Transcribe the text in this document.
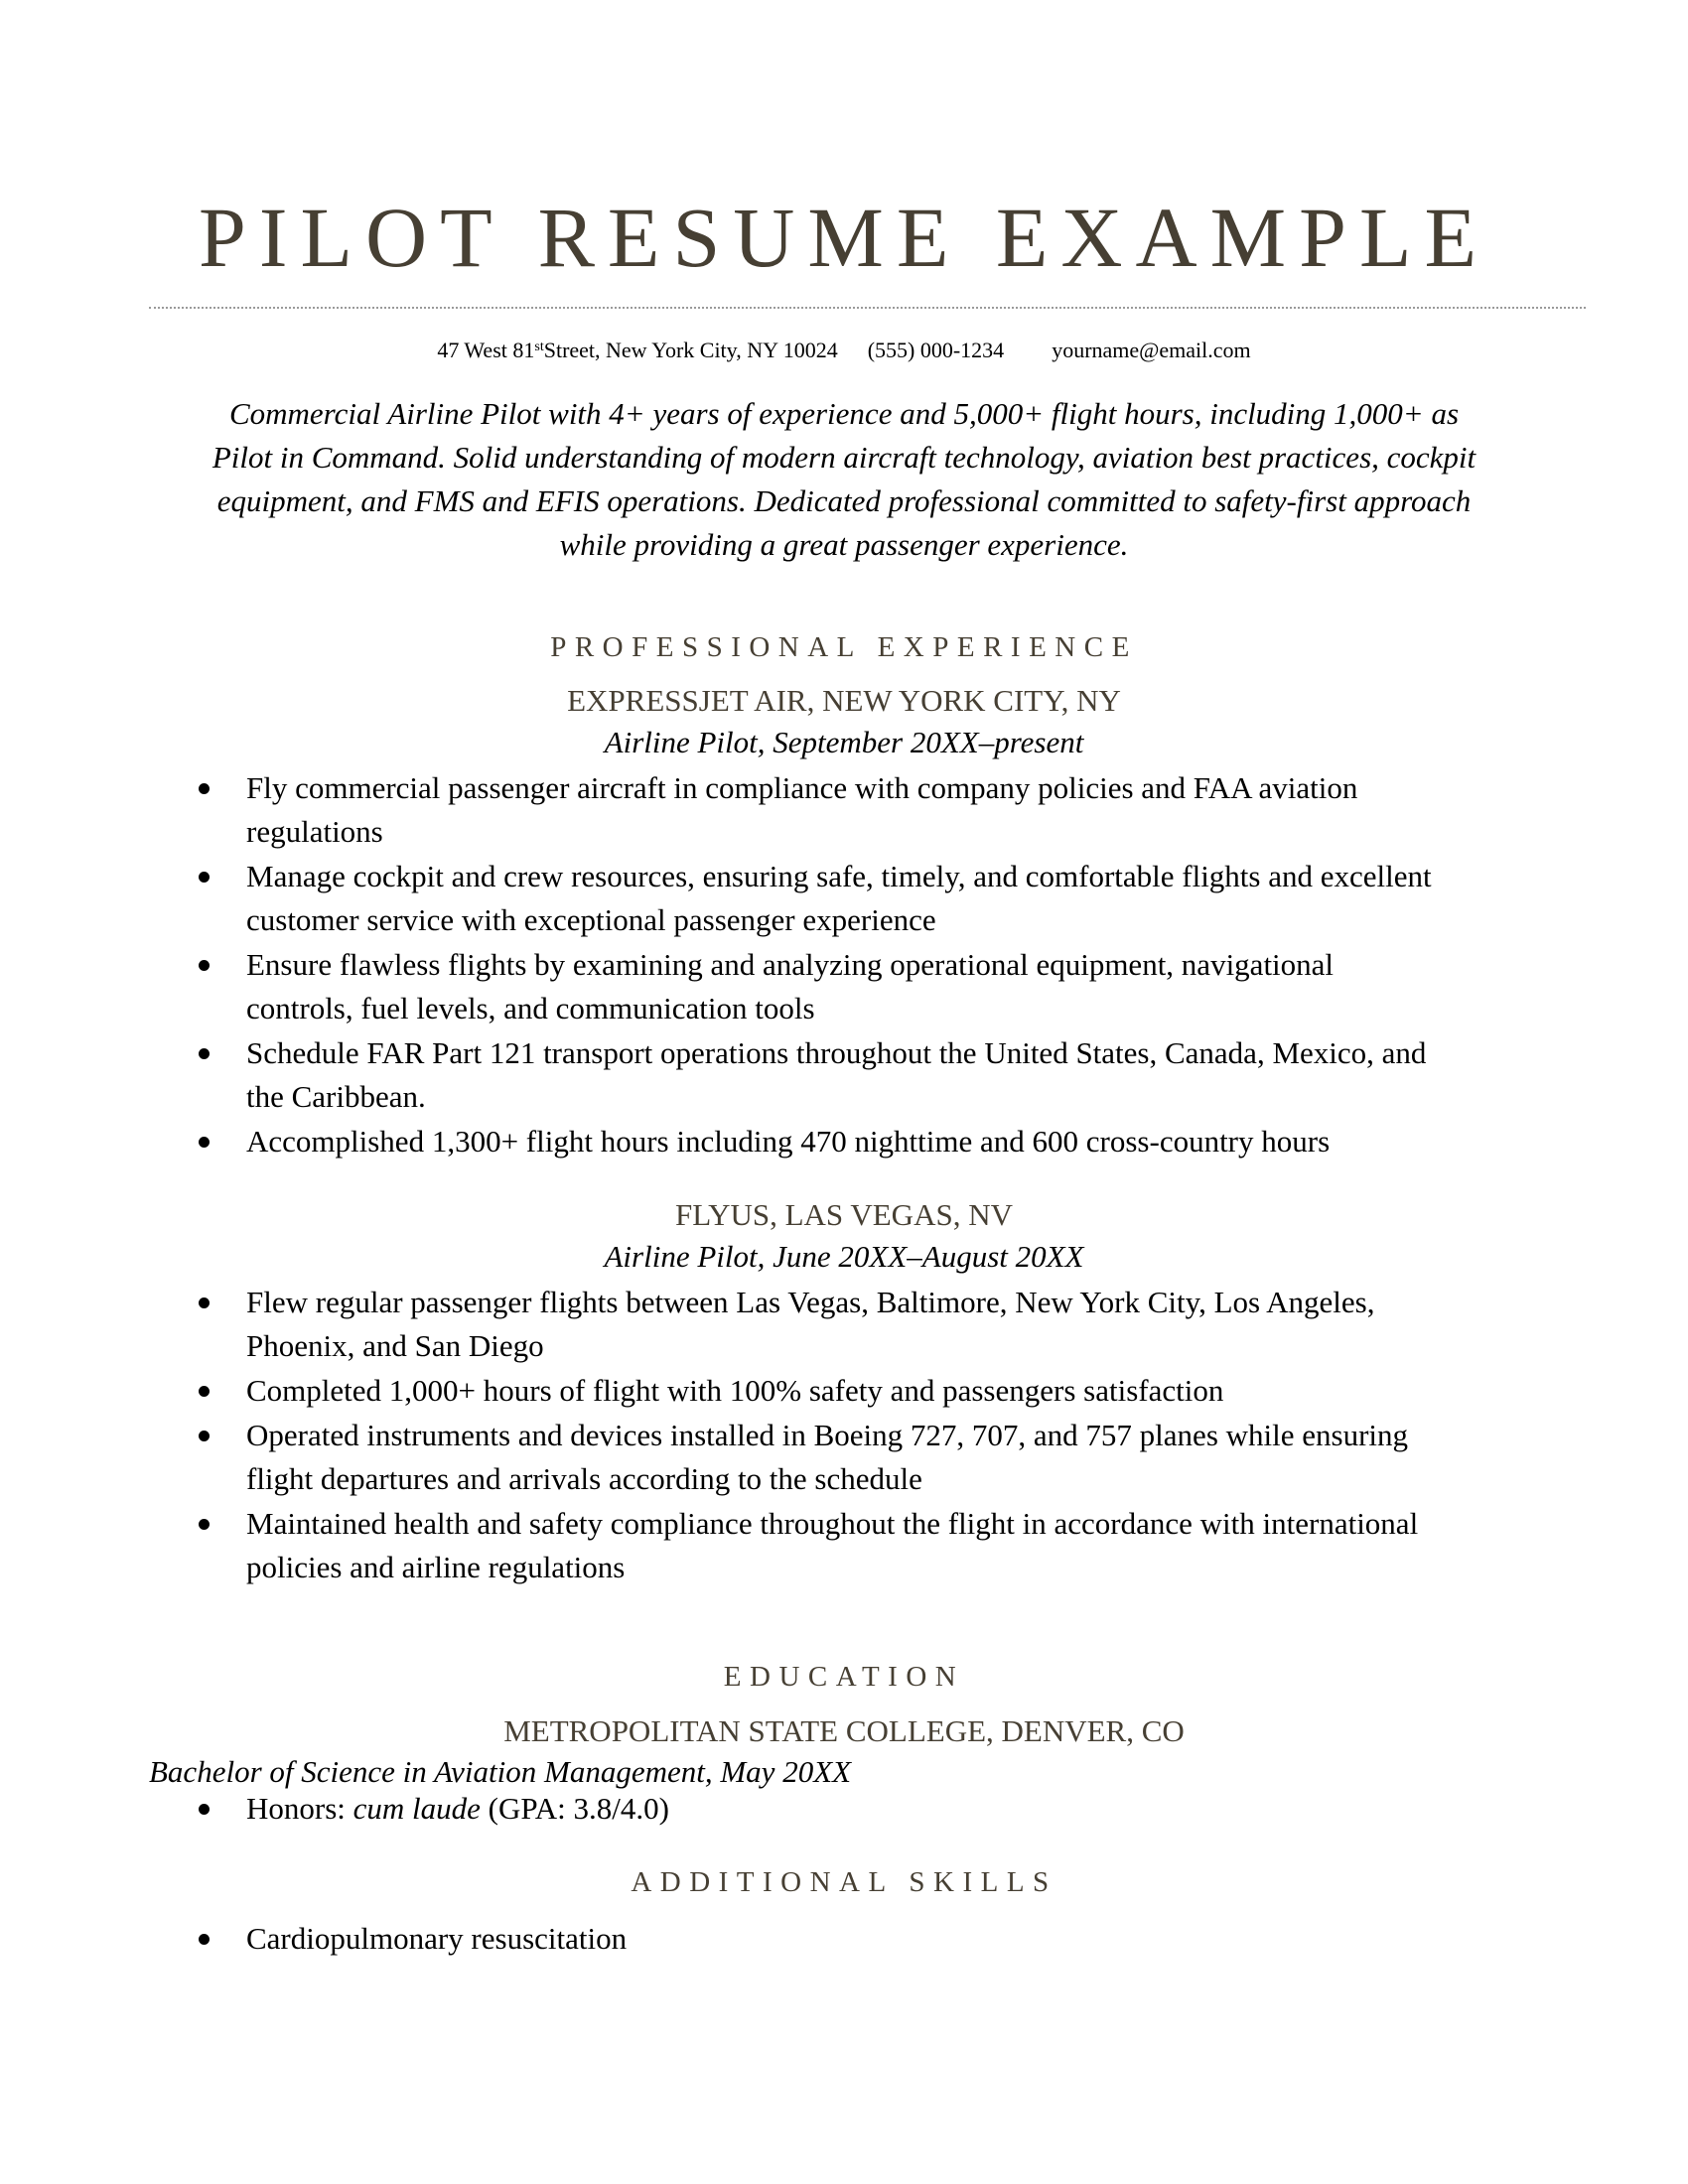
PILOT RESUME EXAMPLE
47 West 81stStreet, New York City, NY 10024 (555) 000-1234 yourname@email.com
Commercial Airline Pilot with 4+ years of experience and 5,000+ flight hours, including 1,000+ as
Pilot in Command. Solid understanding of modern aircraft technology, aviation best practices, cockpit
equipment, and FMS and EFIS operations. Dedicated professional committed to safety-first approach
while providing a great passenger experience.
PROFESSIONAL EXPERIENCE
EXPRESSJET AIR, NEW YORK CITY, NY
Airline Pilot, September 20XX–present
Fly commercial passenger aircraft in compliance with company policies and FAA aviation
regulations
Manage cockpit and crew resources, ensuring safe, timely, and comfortable flights and excellent
customer service with exceptional passenger experience
Ensure flawless flights by examining and analyzing operational equipment, navigational
controls, fuel levels, and communication tools
Schedule FAR Part 121 transport operations throughout the United States, Canada, Mexico, and
the Caribbean.
Accomplished 1,300+ flight hours including 470 nighttime and 600 cross-country hours
FLYUS, LAS VEGAS, NV
Airline Pilot, June 20XX–August 20XX
Flew regular passenger flights between Las Vegas, Baltimore, New York City, Los Angeles,
Phoenix, and San Diego
Completed 1,000+ hours of flight with 100% safety and passengers satisfaction
Operated instruments and devices installed in Boeing 727, 707, and 757 planes while ensuring
flight departures and arrivals according to the schedule
Maintained health and safety compliance throughout the flight in accordance with international
policies and airline regulations
EDUCATION
METROPOLITAN STATE COLLEGE, DENVER, CO
Bachelor of Science in Aviation Management, May 20XX
Honors: cum laude (GPA: 3.8/4.0)
ADDITIONAL SKILLS
Cardiopulmonary resuscitation
